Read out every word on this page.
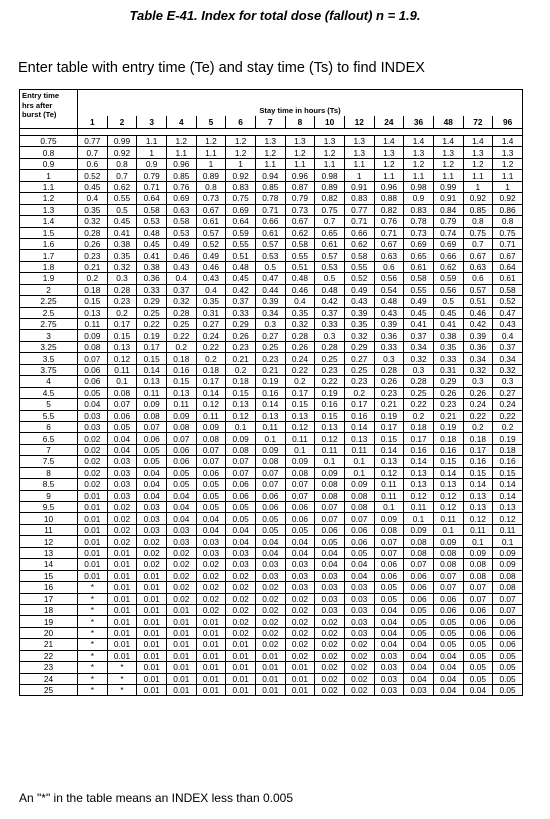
Table E-41. Index for total dose (fallout) n = 1.9.

Enter table with entry time (Te) and stay time (Ts) to find INDEX

Entry time
hrs after
burst (Te)	Stay time in hours (Ts)														
	1	2	3	4	5	6	7	8	10	12	24	36	48	72	96

0.75	0.77	0.99	1.1	1.2	1.2	1.2	1.3	1.3	1.3	1.3	1.4	1.4	1.4	1.4	1.4
0.8	0.7	0.92	1	1.1	1.1	1.2	1.2	1.2	1.2	1.3	1.3	1.3	1.3	1.3	1.3
0.9	0.6	0.8	0.9	0.96	1	1	1.1	1.1	1.1	1.1	1.2	1.2	1.2	1.2	1.2
1	0.52	0.7	0.79	0.85	0.89	0.92	0.94	0.96	0.98	1	1.1	1.1	1.1	1.1	1.1
1.1	0.45	0.62	0.71	0.76	0.8	0.83	0.85	0.87	0.89	0.91	0.96	0.98	0.99	1	1
1.2	0.4	0.55	0.64	0.69	0.73	0.75	0.78	0.79	0.82	0.83	0.88	0.9	0.91	0.92	0.92
1.3	0.35	0.5	0.58	0.63	0.67	0.69	0.71	0.73	0.75	0.77	0.82	0.83	0.84	0.85	0.86
1.4	0.32	0.45	0.53	0.58	0.61	0.64	0.66	0.67	0.7	0.71	0.76	0.78	0.79	0.8	0.8
1.5	0.28	0.41	0.48	0.53	0.57	0.59	0.61	0.62	0.65	0.66	0.71	0.73	0.74	0.75	0.75
1.6	0.26	0.38	0.45	0.49	0.52	0.55	0.57	0.58	0.61	0.62	0.67	0.69	0.69	0.7	0.71
1.7	0.23	0.35	0.41	0.46	0.49	0.51	0.53	0.55	0.57	0.58	0.63	0.65	0.66	0.67	0.67
1.8	0.21	0.32	0.38	0.43	0.46	0.48	0.5	0.51	0.53	0.55	0.6	0.61	0.62	0.63	0.64
1.9	0.2	0.3	0.36	0.4	0.43	0.45	0.47	0.48	0.5	0.52	0.56	0.58	0.59	0.6	0.61
2	0.18	0.28	0.33	0.37	0.4	0.42	0.44	0.46	0.48	0.49	0.54	0.55	0.56	0.57	0.58
2.25	0.15	0.23	0.29	0.32	0.35	0.37	0.39	0.4	0.42	0.43	0.48	0.49	0.5	0.51	0.52
2.5	0.13	0.2	0.25	0.28	0.31	0.33	0.34	0.35	0.37	0.39	0.43	0.45	0.45	0.46	0.47
2.75	0.11	0.17	0.22	0.25	0.27	0.29	0.3	0.32	0.33	0.35	0.39	0.41	0.41	0.42	0.43
3	0.09	0.15	0.19	0.22	0.24	0.26	0.27	0.28	0.3	0.32	0.36	0.37	0.38	0.39	0.4
3.25	0.08	0.13	0.17	0.2	0.22	0.23	0.25	0.26	0.28	0.29	0.33	0.34	0.35	0.36	0.37
3.5	0.07	0.12	0.15	0.18	0.2	0.21	0.23	0.24	0.25	0.27	0.3	0.32	0.33	0.34	0.34
3.75	0.06	0.11	0.14	0.16	0.18	0.2	0.21	0.22	0.23	0.25	0.28	0.3	0.31	0.32	0.32
4	0.06	0.1	0.13	0.15	0.17	0.18	0.19	0.2	0.22	0.23	0.26	0.28	0.29	0.3	0.3
4.5	0.05	0.08	0.11	0.13	0.14	0.15	0.16	0.17	0.19	0.2	0.23	0.25	0.26	0.26	0.27
5	0.04	0.07	0.09	0.11	0.12	0.13	0.14	0.15	0.16	0.17	0.21	0.22	0.23	0.24	0.24
5.5	0.03	0.06	0.08	0.09	0.11	0.12	0.13	0.13	0.15	0.16	0.19	0.2	0.21	0.22	0.22
6	0.03	0.05	0.07	0.08	0.09	0.1	0.11	0.12	0.13	0.14	0.17	0.18	0.19	0.2	0.2
6.5	0.02	0.04	0.06	0.07	0.08	0.09	0.1	0.11	0.12	0.13	0.15	0.17	0.18	0.18	0.19
7	0.02	0.04	0.05	0.06	0.07	0.08	0.09	0.1	0.11	0.11	0.14	0.16	0.16	0.17	0.18
7.5	0.02	0.03	0.05	0.06	0.07	0.07	0.08	0.09	0.1	0.1	0.13	0.14	0.15	0.16	0.16
8	0.02	0.03	0.04	0.05	0.06	0.07	0.07	0.08	0.09	0.1	0.12	0.13	0.14	0.15	0.15
8.5	0.02	0.03	0.04	0.05	0.05	0.06	0.07	0.07	0.08	0.09	0.11	0.13	0.13	0.14	0.14
9	0.01	0.03	0.04	0.04	0.05	0.06	0.06	0.07	0.08	0.08	0.11	0.12	0.12	0.13	0.14
9.5	0.01	0.02	0.03	0.04	0.05	0.05	0.06	0.06	0.07	0.08	0.1	0.11	0.12	0.13	0.13
10	0.01	0.02	0.03	0.04	0.04	0.05	0.05	0.06	0.07	0.07	0.09	0.1	0.11	0.12	0.12
11	0.01	0.02	0.03	0.03	0.04	0.04	0.05	0.05	0.06	0.06	0.08	0.09	0.1	0.11	0.11
12	0.01	0.02	0.02	0.03	0.03	0.04	0.04	0.04	0.05	0.06	0.07	0.08	0.09	0.1	0.1
13	0.01	0.01	0.02	0.02	0.03	0.03	0.04	0.04	0.04	0.05	0.07	0.08	0.08	0.09	0.09
14	0.01	0.01	0.02	0.02	0.02	0.03	0.03	0.03	0.04	0.04	0.06	0.07	0.08	0.08	0.09
15	0.01	0.01	0.01	0.02	0.02	0.02	0.03	0.03	0.03	0.04	0.06	0.06	0.07	0.08	0.08
16	*	0.01	0.01	0.02	0.02	0.02	0.02	0.03	0.03	0.03	0.05	0.06	0.07	0.07	0.08
17	*	0.01	0.01	0.02	0.02	0.02	0.02	0.02	0.03	0.03	0.05	0.06	0.06	0.07	0.07
18	*	0.01	0.01	0.01	0.02	0.02	0.02	0.02	0.03	0.03	0.04	0.05	0.06	0.06	0.07
19	*	0.01	0.01	0.01	0.01	0.02	0.02	0.02	0.02	0.03	0.04	0.05	0.05	0.06	0.06
20	*	0.01	0.01	0.01	0.01	0.02	0.02	0.02	0.02	0.03	0.04	0.05	0.05	0.06	0.06
21	*	0.01	0.01	0.01	0.01	0.01	0.02	0.02	0.02	0.02	0.04	0.04	0.05	0.05	0.06
22	*	0.01	0.01	0.01	0.01	0.01	0.01	0.02	0.02	0.02	0.03	0.04	0.04	0.05	0.05
23	*	*	0.01	0.01	0.01	0.01	0.01	0.01	0.02	0.02	0.03	0.04	0.04	0.05	0.05
24	*	*	0.01	0.01	0.01	0.01	0.01	0.01	0.02	0.02	0.03	0.04	0.04	0.05	0.05
25	*	*	0.01	0.01	0.01	0.01	0.01	0.01	0.02	0.02	0.03	0.03	0.04	0.04	0.05

An "*" in the table means an INDEX less than 0.005
